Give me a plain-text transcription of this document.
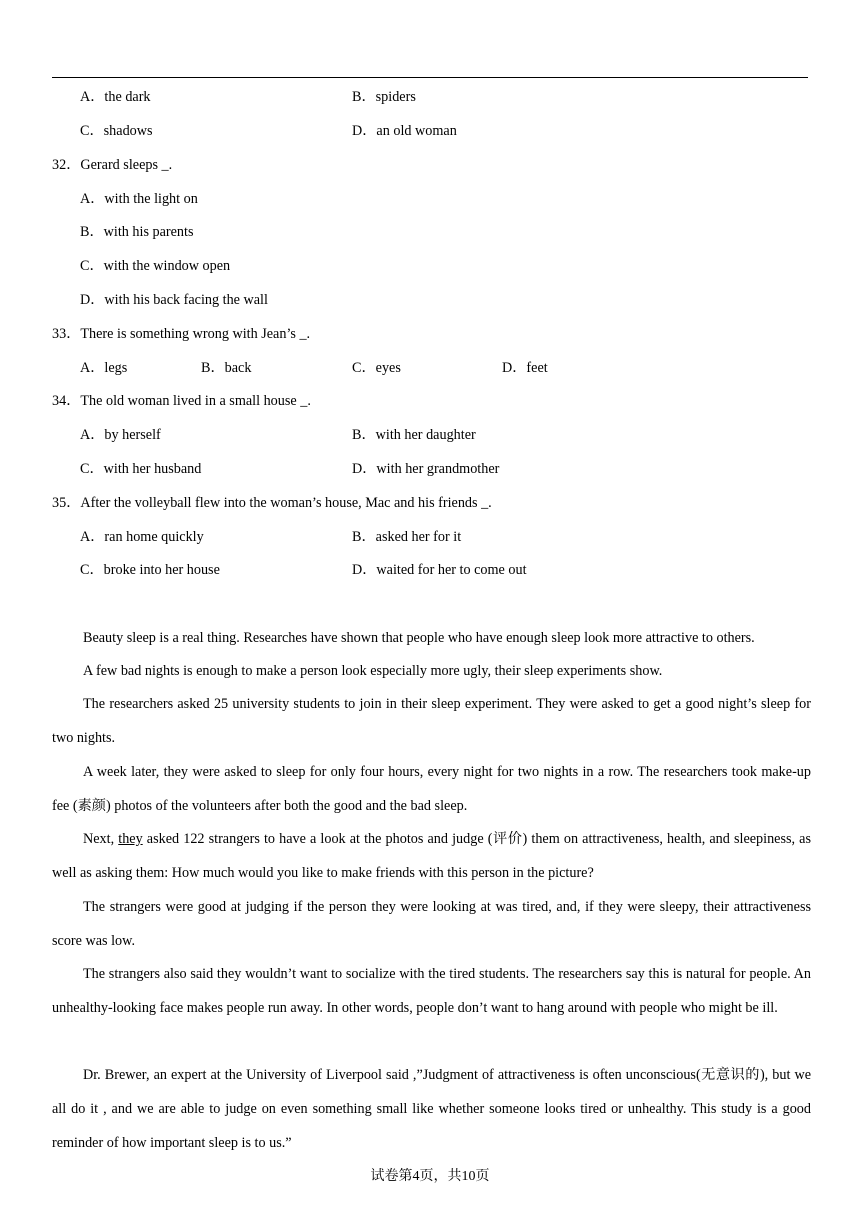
A．the dark	B．spiders
C．shadows	D．an old woman
32．Gerard sleeps _.
A．with the light on
B．with his parents
C．with the window open
D．with his back facing the wall
33．There is something wrong with Jean’s _.
A．legs	B．back	C．eyes	D．feet
34．The old woman lived in a small house _.
A．by herself	B．with her daughter
C．with her husband	D．with her grandmother
35．After the volleyball flew into the woman’s house, Mac and his friends _.
A．ran home quickly	B．asked her for it
C．broke into her house	D．waited for her to come out
Beauty sleep is a real thing. Researches have shown that people who have enough sleep look more attractive to others.
A few bad nights is enough to make a person look especially more ugly, their sleep experiments show.
The researchers asked 25 university students to join in their sleep experiment. They were asked to get a good night’s sleep for two nights.
A week later, they were asked to sleep for only four hours, every night for two nights in a row. The researchers took make-up fee (素颜) photos of the volunteers after both the good and the bad sleep.
Next, they asked 122 strangers to have a look at the photos and judge (评价) them on attractiveness, health, and sleepiness, as well as asking them: How much would you like to make friends with this person in the picture?
The strangers were good at judging if the person they were looking at was tired, and, if they were sleepy, their attractiveness score was low.
The strangers also said they wouldn’t want to socialize with the tired students. The researchers say this is natural for people. An unhealthy-looking face makes people run away. In other words, people don’t want to hang around with people who might be ill.
Dr. Brewer, an expert at the University of Liverpool said ,”Judgment of attractiveness is often unconscious(无意识的), but we all do it , and we are able to judge on even something small like whether someone looks tired or unhealthy. This study is a good reminder of how important sleep is to us.”
试卷第4页，共10页
